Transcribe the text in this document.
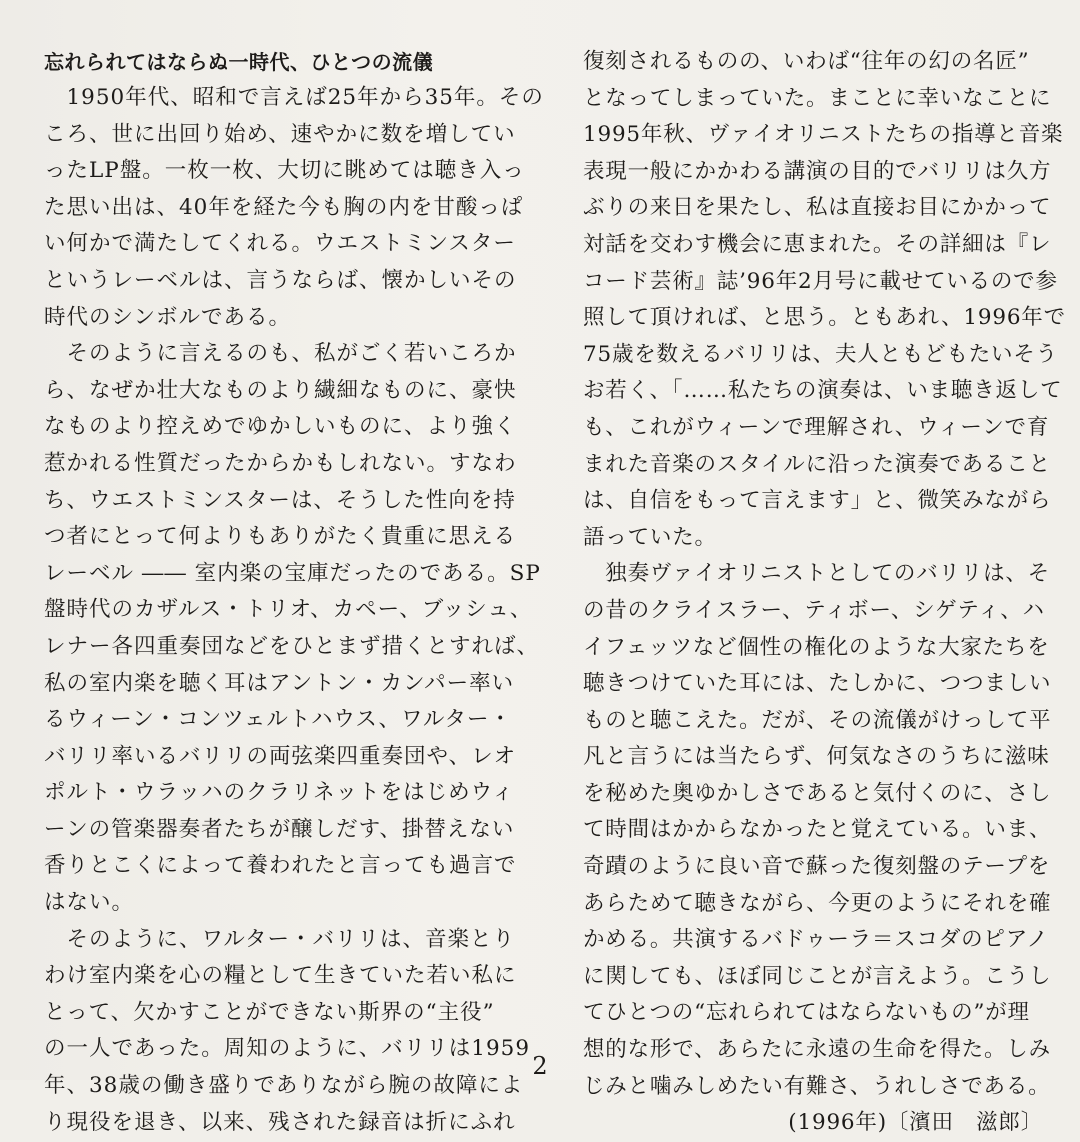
忘れられてはならぬ一時代、ひとつの流儀
　1950年代、昭和で言えば25年から35年。その
ころ、世に出回り始め、速やかに数を増してい
ったLP盤。一枚一枚、大切に眺めては聴き入っ
た思い出は、40年を経た今も胸の内を甘酸っぱ
い何かで満たしてくれる。ウエストミンスター
というレーベルは、言うならば、懐かしいその
時代のシンボルである。
　そのように言えるのも、私がごく若いころか
ら、なぜか壮大なものより繊細なものに、豪快
なものより控えめでゆかしいものに、より強く
惹かれる性質だったからかもしれない。すなわ
ち、ウエストミンスターは、そうした性向を持
つ者にとって何よりもありがたく貴重に思える
レーベル ―― 室内楽の宝庫だったのである。SP
盤時代のカザルス・トリオ、カペー、ブッシュ、
レナー各四重奏団などをひとまず措くとすれば、
私の室内楽を聴く耳はアントン・カンパー率い
るウィーン・コンツェルトハウス、ワルター・
バリリ率いるバリリの両弦楽四重奏団や、レオ
ポルト・ウラッハのクラリネットをはじめウィ
ーンの管楽器奏者たちが醸しだす、掛替えない
香りとこくによって養われたと言っても過言で
はない。
　そのように、ワルター・バリリは、音楽とり
わけ室内楽を心の糧として生きていた若い私に
とって、欠かすことができない斯界の“主役”
の一人であった。周知のように、バリリは1959
年、38歳の働き盛りでありながら腕の故障によ
り現役を退き、以来、残された録音は折にふれ
復刻されるものの、いわば“往年の幻の名匠”
となってしまっていた。まことに幸いなことに
1995年秋、ヴァイオリニストたちの指導と音楽
表現一般にかかわる講演の目的でバリリは久方
ぶりの来日を果たし、私は直接お目にかかって
対話を交わす機会に恵まれた。その詳細は『レ
コード芸術』誌’96年2月号に載せているので参
照して頂ければ、と思う。ともあれ、1996年で
75歳を数えるバリリは、夫人ともどもたいそう
お若く、「……私たちの演奏は、いま聴き返して
も、これがウィーンで理解され、ウィーンで育
まれた音楽のスタイルに沿った演奏であること
は、自信をもって言えます」と、微笑みながら
語っていた。
　独奏ヴァイオリニストとしてのバリリは、そ
の昔のクライスラー、ティボー、シゲティ、ハ
イフェッツなど個性の権化のような大家たちを
聴きつけていた耳には、たしかに、つつましい
ものと聴こえた。だが、その流儀がけっして平
凡と言うには当たらず、何気なさのうちに滋味
を秘めた奥ゆかしさであると気付くのに、さし
て時間はかからなかったと覚えている。いま、
奇蹟のように良い音で蘇った復刻盤のテープを
あらためて聴きながら、今更のようにそれを確
かめる。共演するバドゥーラ＝スコダのピアノ
に関しても、ほぼ同じことが言えよう。こうし
てひとつの“忘れられてはならないもの”が理
想的な形で、あらたに永遠の生命を得た。しみ
じみと噛みしめたい有難さ、うれしさである。
(1996年)〔濱田　滋郎〕
2
